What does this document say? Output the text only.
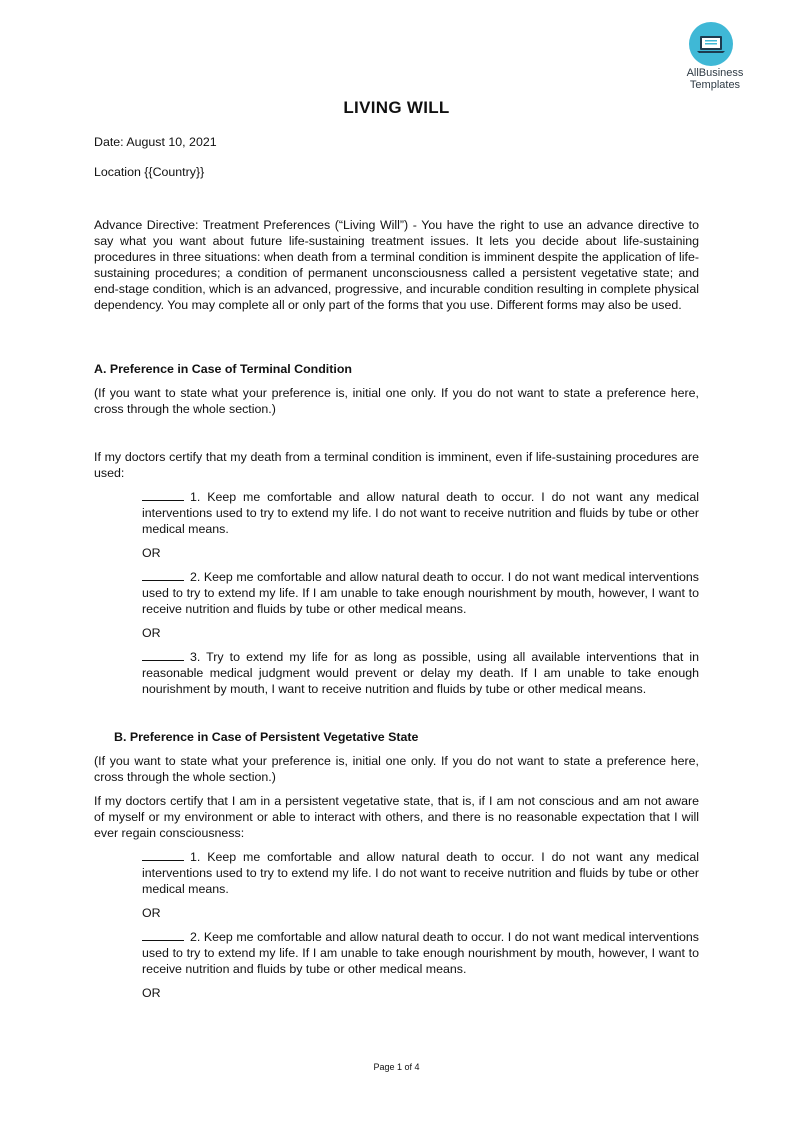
AllBusiness
Templates
LIVING WILL
Date: August 10, 2021
Location {{Country}}
Advance Directive: Treatment Preferences (“Living Will”) - You have the right to use an advance directive to say what you want about future life-sustaining treatment issues. It lets you decide about life-sustaining procedures in three situations: when death from a terminal condition is imminent despite the application of life-sustaining procedures; a condition of permanent unconsciousness called a persistent vegetative state; and end-stage condition, which is an advanced, progressive, and incurable condition resulting in complete physical dependency. You may complete all or only part of the forms that you use. Different forms may also be used.
A. Preference in Case of Terminal Condition
(If you want to state what your preference is, initial one only. If you do not want to state a preference here, cross through the whole section.)
If my doctors certify that my death from a terminal condition is imminent, even if life-sustaining procedures are used:
1. Keep me comfortable and allow natural death to occur. I do not want any medical interventions used to try to extend my life. I do not want to receive nutrition and fluids by tube or other medical means.
OR
2. Keep me comfortable and allow natural death to occur. I do not want medical interventions used to try to extend my life. If I am unable to take enough nourishment by mouth, however, I want to receive nutrition and fluids by tube or other medical means.
OR
3. Try to extend my life for as long as possible, using all available interventions that in reasonable medical judgment would prevent or delay my death. If I am unable to take enough nourishment by mouth, I want to receive nutrition and fluids by tube or other medical means.
B. Preference in Case of Persistent Vegetative State
(If you want to state what your preference is, initial one only. If you do not want to state a preference here, cross through the whole section.)
If my doctors certify that I am in a persistent vegetative state, that is, if I am not conscious and am not aware of myself or my environment or able to interact with others, and there is no reasonable expectation that I will ever regain consciousness:
1. Keep me comfortable and allow natural death to occur. I do not want any medical interventions used to try to extend my life. I do not want to receive nutrition and fluids by tube or other medical means.
OR
2. Keep me comfortable and allow natural death to occur. I do not want medical interventions used to try to extend my life. If I am unable to take enough nourishment by mouth, however, I want to receive nutrition and fluids by tube or other medical means.
OR
Page 1 of 4
